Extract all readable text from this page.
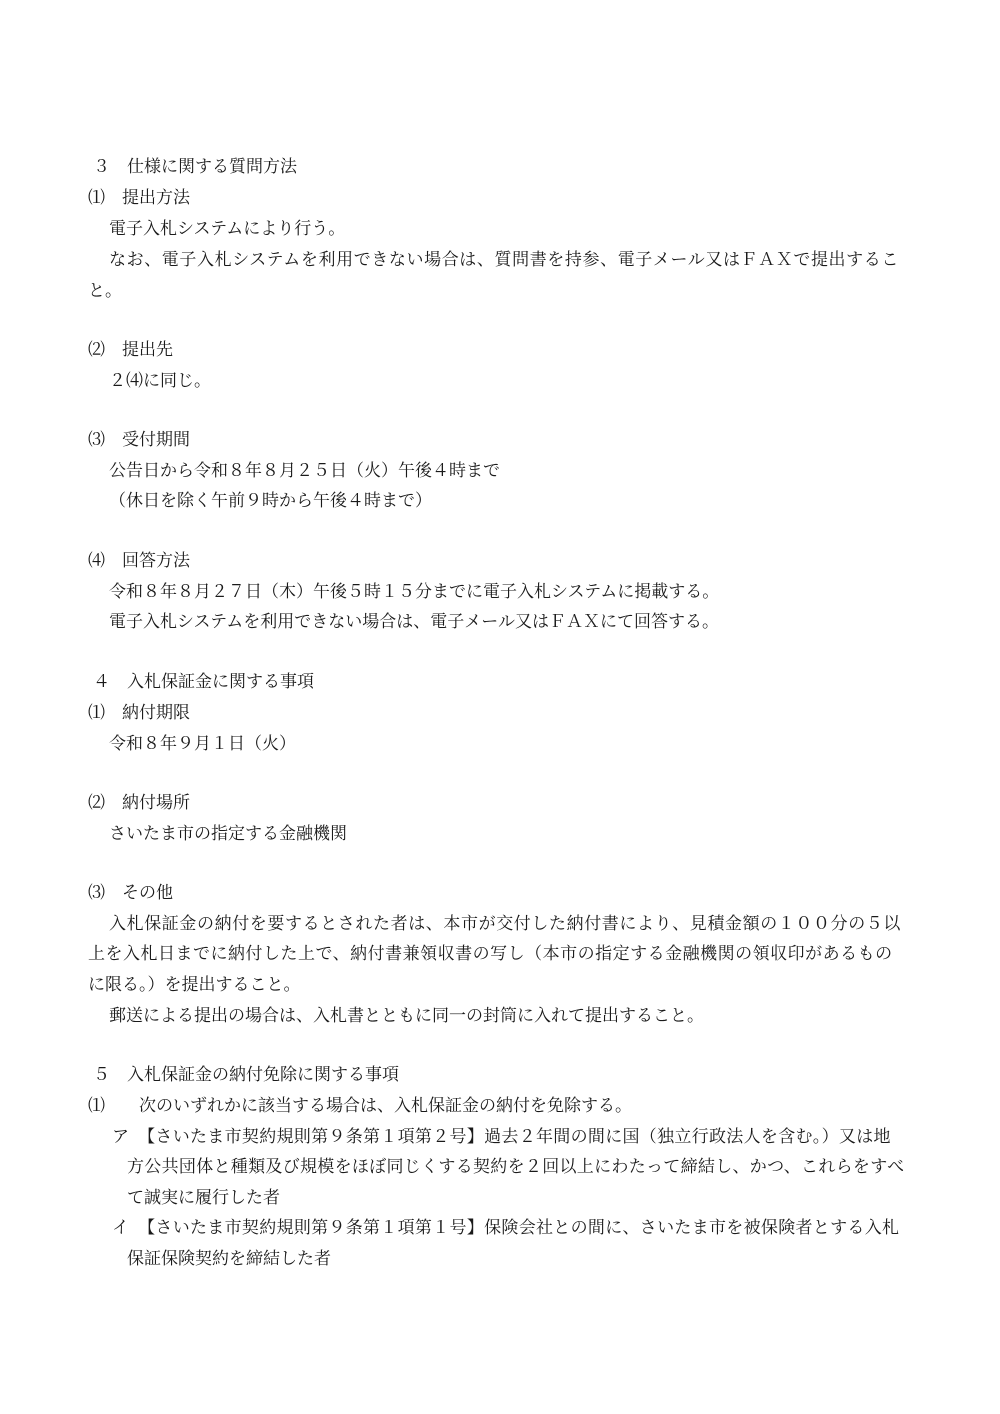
３　仕様に関する質問方法
⑴　提出方法
電子入札システムにより行う。
なお、電子入札システムを利用できない場合は、質問書を持参、電子メール又はＦＡＸで提出するこ
と。
⑵　提出先
２⑷に同じ。
⑶　受付期間
公告日から令和８年８月２５日（火）午後４時まで
（休日を除く午前９時から午後４時まで）
⑷　回答方法
令和８年８月２７日（木）午後５時１５分までに電子入札システムに掲載する。
電子入札システムを利用できない場合は、電子メール又はＦＡＸにて回答する。
４　入札保証金に関する事項
⑴　納付期限
令和８年９月１日（火）
⑵　納付場所
さいたま市の指定する金融機関
⑶　その他
入札保証金の納付を要するとされた者は、本市が交付した納付書により、見積金額の１００分の５以
上を入札日までに納付した上で、納付書兼領収書の写し（本市の指定する金融機関の領収印があるもの
に限る。）を提出すること。
郵送による提出の場合は、入札書とともに同一の封筒に入れて提出すること。
５　入札保証金の納付免除に関する事項
⑴　　次のいずれかに該当する場合は、入札保証金の納付を免除する。
ア　【さいたま市契約規則第９条第１項第２号】過去２年間の間に国（独立行政法人を含む。）又は地
方公共団体と種類及び規模をほぼ同じくする契約を２回以上にわたって締結し、かつ、これらをすべ
て誠実に履行した者
イ　【さいたま市契約規則第９条第１項第１号】保険会社との間に、さいたま市を被保険者とする入札
保証保険契約を締結した者
